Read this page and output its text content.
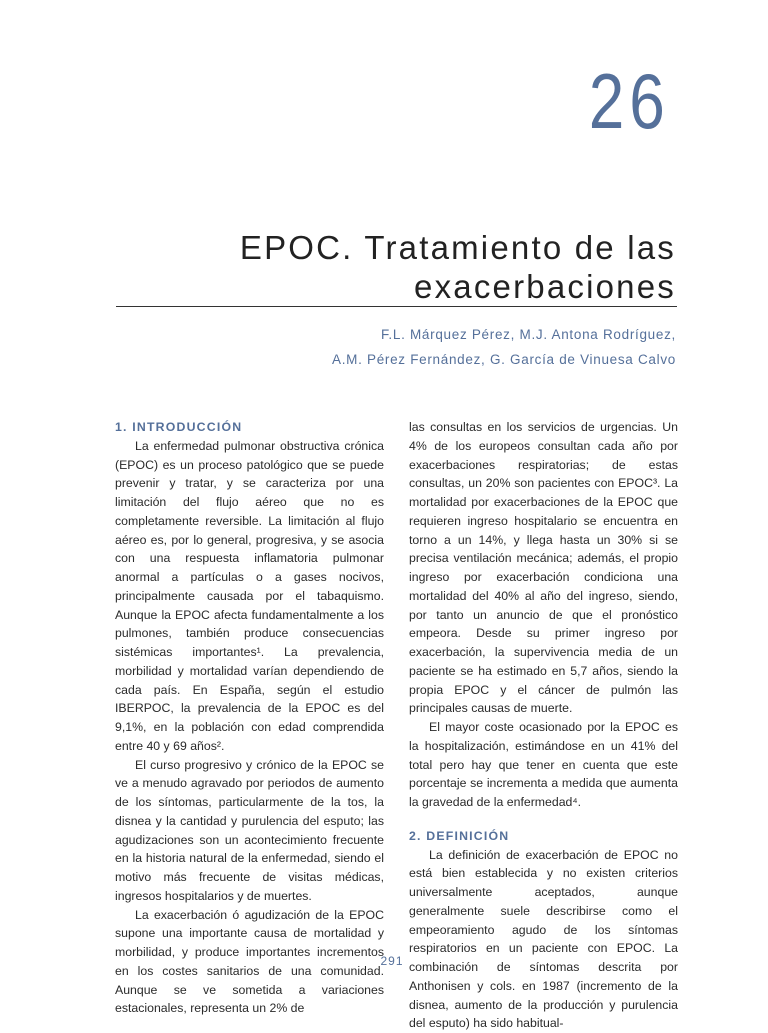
26
EPOC. Tratamiento de las
exacerbaciones
F.L. Márquez Pérez, M.J. Antona Rodríguez,
A.M. Pérez Fernández, G. García de Vinuesa Calvo
1. INTRODUCCIÓN

La enfermedad pulmonar obstructiva crónica (EPOC) es un proceso patológico que se puede prevenir y tratar, y se caracteriza por una limitación del flujo aéreo que no es completamente reversible. La limitación al flujo aéreo es, por lo general, progresiva, y se asocia con una respuesta inflamatoria pulmonar anormal a partículas o a gases nocivos, principalmente causada por el tabaquismo. Aunque la EPOC afecta fundamentalmente a los pulmones, también produce consecuencias sistémicas importantes¹. La prevalencia, morbilidad y mortalidad varían dependiendo de cada país. En España, según el estudio IBERPOC, la prevalencia de la EPOC es del 9,1%, en la población con edad comprendida entre 40 y 69 años².

El curso progresivo y crónico de la EPOC se ve a menudo agravado por periodos de aumento de los síntomas, particularmente de la tos, la disnea y la cantidad y purulencia del esputo; las agudizaciones son un acontecimiento frecuente en la historia natural de la enfermedad, siendo el motivo más frecuente de visitas médicas, ingresos hospitalarios y de muertes.

La exacerbación ó agudización de la EPOC supone una importante causa de mortalidad y morbilidad, y produce importantes incrementos en los costes sanitarios de una comunidad. Aunque se ve sometida a variaciones estacionales, representa un 2% de

las consultas en los servicios de urgencias. Un 4% de los europeos consultan cada año por exacerbaciones respiratorias; de estas consultas, un 20% son pacientes con EPOC³. La mortalidad por exacerbaciones de la EPOC que requieren ingreso hospitalario se encuentra en torno a un 14%, y llega hasta un 30% si se precisa ventilación mecánica; además, el propio ingreso por exacerbación condiciona una mortalidad del 40% al año del ingreso, siendo, por tanto un anuncio de que el pronóstico empeora. Desde su primer ingreso por exacerbación, la supervivencia media de un paciente se ha estimado en 5,7 años, siendo la propia EPOC y el cáncer de pulmón las principales causas de muerte.

El mayor coste ocasionado por la EPOC es la hospitalización, estimándose en un 41% del total pero hay que tener en cuenta que este porcentaje se incrementa a medida que aumenta la gravedad de la enfermedad⁴.

2. DEFINICIÓN

La definición de exacerbación de EPOC no está bien establecida y no existen criterios universalmente aceptados, aunque generalmente suele describirse como el empeoramiento agudo de los síntomas respiratorios en un paciente con EPOC. La combinación de síntomas descrita por Anthonisen y cols. en 1987 (incremento de la disnea, aumento de la producción y purulencia del esputo) ha sido habitual-

291
